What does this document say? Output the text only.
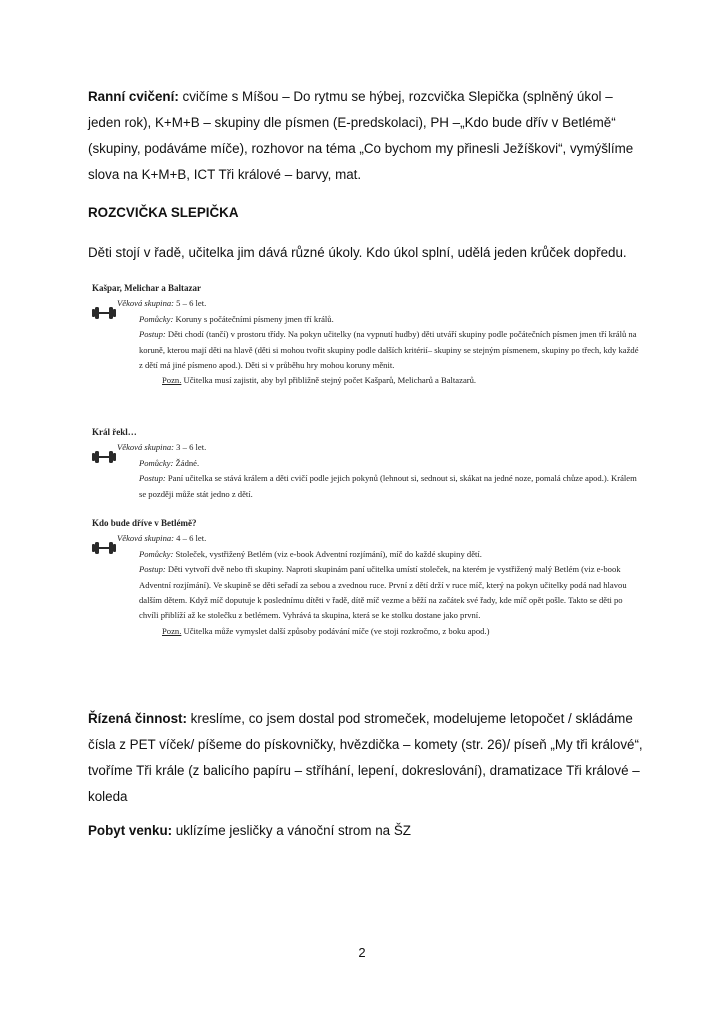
Ranní cvičení: cvičíme s Míšou – Do rytmu se hýbej, rozcvička Slepička (splněný úkol – jeden rok), K+M+B – skupiny dle písmen (E-predskolaci), PH –„Kdo bude dřív v Betlémě“ (skupiny, podáváme míče), rozhovor na téma „Co bychom my přinesli Ježíškovi“, vymýšlíme slova na K+M+B, ICT Tři králové – barvy, mat.

ROZCVIČKA SLEPIČKA

Děti stojí v řadě, učitelka jim dává různé úkoly. Kdo úkol splní, udělá jeden krůček dopředu.

Kašpar, Melichar a Baltazar

Věková skupina: 5 – 6 let.

Pomůcky: Koruny s počátečními písmeny jmen tří králů.

Postup: Děti chodí (tančí) v prostoru třídy. Na pokyn učitelky (na vypnutí hudby) děti utváří skupiny podle počátečních písmen jmen tří králů na koruně, kterou mají děti na hlavě (děti si mohou tvořit skupiny podle dalších kritérií– skupiny se stejným písmenem, skupiny po třech, kdy každé z dětí má jiné písmeno apod.). Děti si v průběhu hry mohou koruny měnit.

Pozn. Učitelka musí zajistit, aby byl přibližně stejný počet Kašparů, Melicharů a Baltazarů.

Král řekl…

Věková skupina: 3 – 6 let.

Pomůcky: Žádné.

Postup: Paní učitelka se stává králem a děti cvičí podle jejich pokynů (lehnout si, sednout si, skákat na jedné noze, pomalá chůze apod.). Králem se později může stát jedno z dětí.

Kdo bude dříve v Betlémě?

Věková skupina: 4 – 6 let.

Pomůcky: Stoleček, vystřižený Betlém (viz e-book Adventní rozjímání), míč do každé skupiny dětí.

Postup: Děti vytvoří dvě nebo tři skupiny. Naproti skupinám paní učitelka umístí stoleček, na kterém je vystřižený malý Betlém (viz e-book Adventní rozjímání). Ve skupině se děti seřadí za sebou a zvednou ruce. První z dětí drží v ruce míč, který na pokyn učitelky podá nad hlavou dalším dětem. Když míč doputuje k poslednímu dítěti v řadě, dítě míč vezme a běží na začátek své řady, kde míč opět pošle. Takto se děti po chvíli přiblíží až ke stolečku z betlémem. Vyhrává ta skupina, která se ke stolku dostane jako první.

Pozn. Učitelka může vymyslet další způsoby podávání míče (ve stoji rozkročmo, z boku apod.)

Řízená činnost: kreslíme, co jsem dostal pod stromeček, modelujeme letopočet / skládáme čísla z PET víček/ píšeme do pískovničky, hvězdička – komety (str. 26)/ píseň „My tři králové“, tvoříme Tři krále (z balicího papíru – stříhání, lepení, dokreslování), dramatizace Tři králové – koleda

Pobyt venku: uklízíme jesličky a vánoční strom na ŠZ

2
